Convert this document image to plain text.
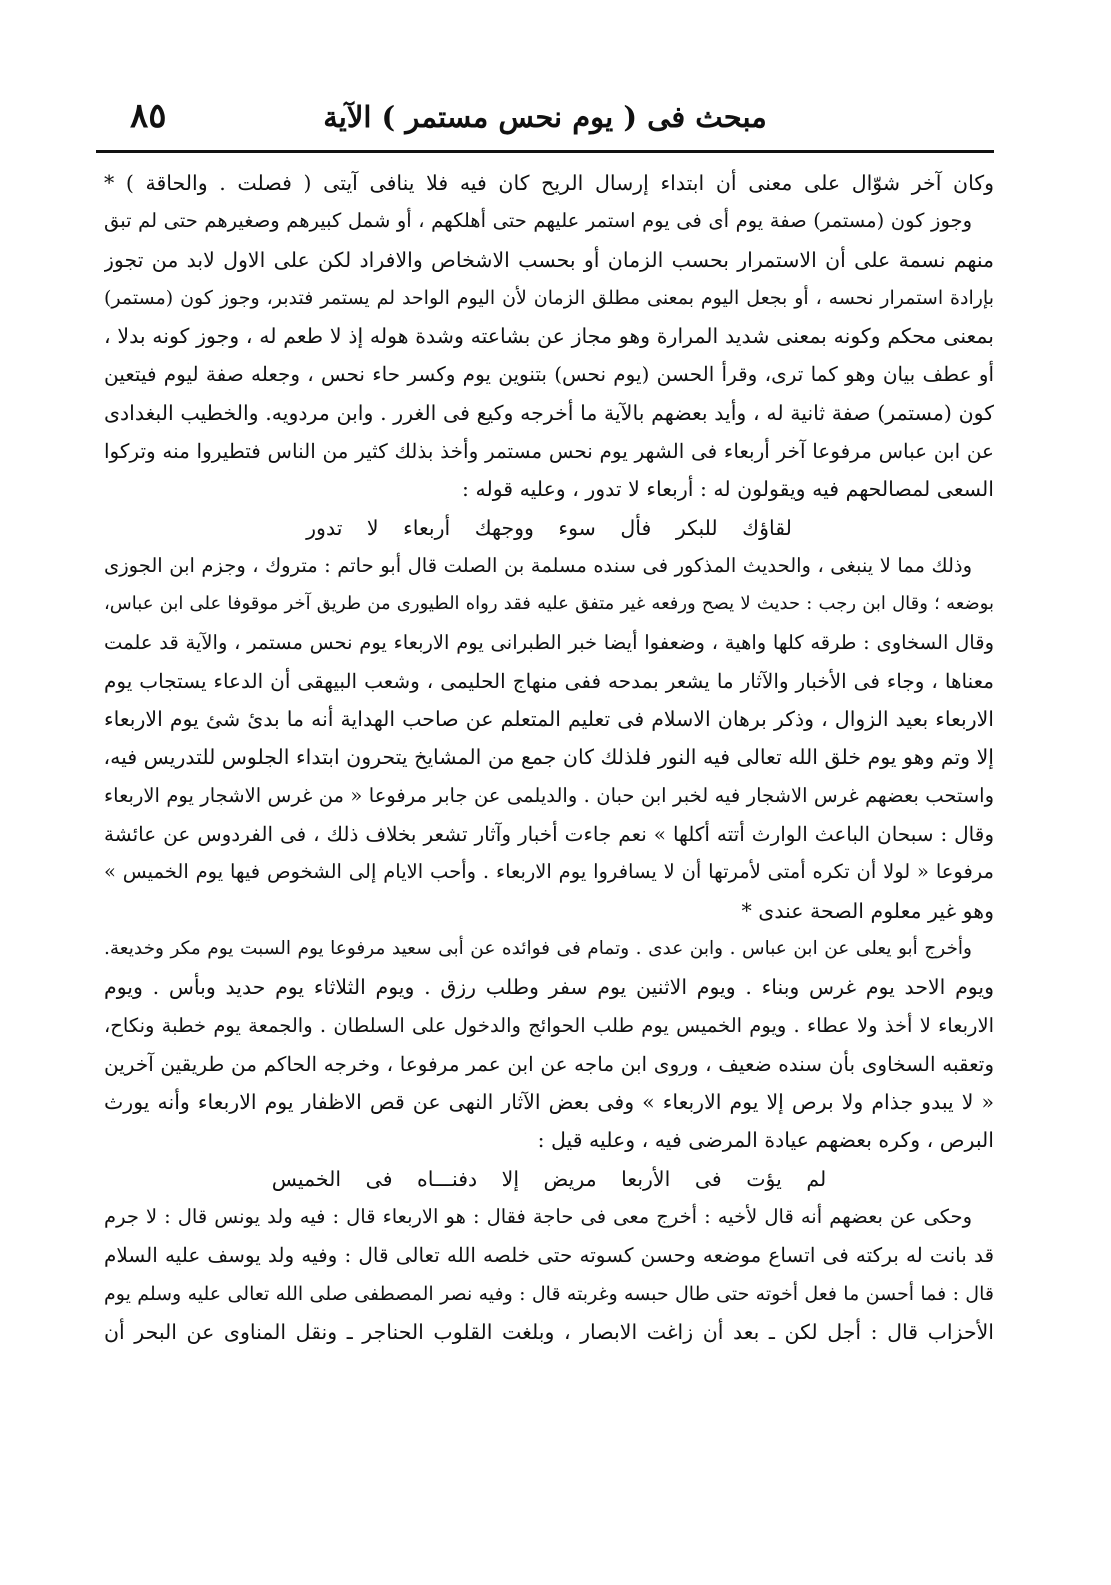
مبحث فى ( يوم نحس مستمر ) الآية
٨٥
وكان آخر شوّال على معنى أن ابتداء إرسال الريح كان فيه فلا ينافى آيتى ( فصلت . والحاقة ) *
وجوز كون (مستمر) صفة يوم أى فى يوم استمر عليهم حتى أهلكهم ، أو شمل كبيرهم وصغيرهم حتى لم تبق
منهم نسمة على أن الاستمرار بحسب الزمان أو بحسب الاشخاص والافراد لكن على الاول لابد من تجوز
بإرادة استمرار نحسه ، أو بجعل اليوم بمعنى مطلق الزمان لأن اليوم الواحد لم يستمر فتدبر، وجوز كون (مستمر)
بمعنى محكم وكونه بمعنى شديد المرارة وهو مجاز عن بشاعته وشدة هوله إذ لا طعم له ، وجوز كونه بدلا ،
أو عطف بيان وهو كما ترى، وقرأ الحسن (يوم نحس) بتنوين يوم وكسر حاء نحس ، وجعله صفة ليوم فيتعين
كون (مستمر) صفة ثانية له ، وأيد بعضهم بالآية ما أخرجه وكيع فى الغرر . وابن مردويه. والخطيب البغدادى
عن ابن عباس مرفوعا آخر أربعاء فى الشهر يوم نحس مستمر وأخذ بذلك كثير من الناس فتطيروا منه وتركوا
السعى لمصالحهم فيه ويقولون له : أربعاء لا تدور ، وعليه قوله :
لقاؤك للبكر فأل سوء ووجهك أربعاء لا تدور
وذلك مما لا ينبغى ، والحديث المذكور فى سنده مسلمة بن الصلت قال أبو حاتم : متروك ، وجزم ابن الجوزى
بوضعه ؛ وقال ابن رجب : حديث لا يصح ورفعه غير متفق عليه فقد رواه الطيورى من طريق آخر موقوفا على ابن عباس،
وقال السخاوى : طرقه كلها واهية ، وضعفوا أيضا خبر الطبرانى يوم الاربعاء يوم نحس مستمر ، والآية قد علمت
معناها ، وجاء فى الأخبار والآثار ما يشعر بمدحه ففى منهاج الحليمى ، وشعب البيهقى أن الدعاء يستجاب يوم
الاربعاء بعيد الزوال ، وذكر برهان الاسلام فى تعليم المتعلم عن صاحب الهداية أنه ما بدئ شئ يوم الاربعاء
إلا وتم وهو يوم خلق الله تعالى فيه النور فلذلك كان جمع من المشايخ يتحرون ابتداء الجلوس للتدريس فيه،
واستحب بعضهم غرس الاشجار فيه لخبر ابن حبان . والديلمى عن جابر مرفوعا « من غرس الاشجار يوم الاربعاء
وقال : سبحان الباعث الوارث أتته أكلها » نعم جاءت أخبار وآثار تشعر بخلاف ذلك ، فى الفردوس عن عائشة
مرفوعا « لولا أن تكره أمتى لأمرتها أن لا يسافروا يوم الاربعاء . وأحب الايام إلى الشخوص فيها يوم الخميس »
وهو غير معلوم الصحة عندى *
وأخرج أبو يعلى عن ابن عباس . وابن عدى . وتمام فى فوائده عن أبى سعيد مرفوعا يوم السبت يوم مكر وخديعة.
ويوم الاحد يوم غرس وبناء . ويوم الاثنين يوم سفر وطلب رزق . ويوم الثلاثاء يوم حديد وبأس . ويوم
الاربعاء لا أخذ ولا عطاء . ويوم الخميس يوم طلب الحوائج والدخول على السلطان . والجمعة يوم خطبة ونكاح،
وتعقبه السخاوى بأن سنده ضعيف ، وروى ابن ماجه عن ابن عمر مرفوعا ، وخرجه الحاكم من طريقين آخرين
« لا يبدو جذام ولا برص إلا يوم الاربعاء » وفى بعض الآثار النهى عن قص الاظفار يوم الاربعاء وأنه يورث
البرص ، وكره بعضهم عيادة المرضى فيه ، وعليه قيل :
لم يؤت فى الأربعا مريض إلا دفنـــاه فى الخميس
وحكى عن بعضهم أنه قال لأخيه : أخرج معى فى حاجة فقال : هو الاربعاء قال : فيه ولد يونس قال : لا جرم
قد بانت له بركته فى اتساع موضعه وحسن كسوته حتى خلصه الله تعالى قال : وفيه ولد يوسف عليه السلام
قال : فما أحسن ما فعل أخوته حتى طال حبسه وغربته قال : وفيه نصر المصطفى صلى الله تعالى عليه وسلم يوم
الأحزاب قال : أجل لكن ـ بعد أن زاغت الابصار ، وبلغت القلوب الحناجر ـ ونقل المناوى عن البحر أن
